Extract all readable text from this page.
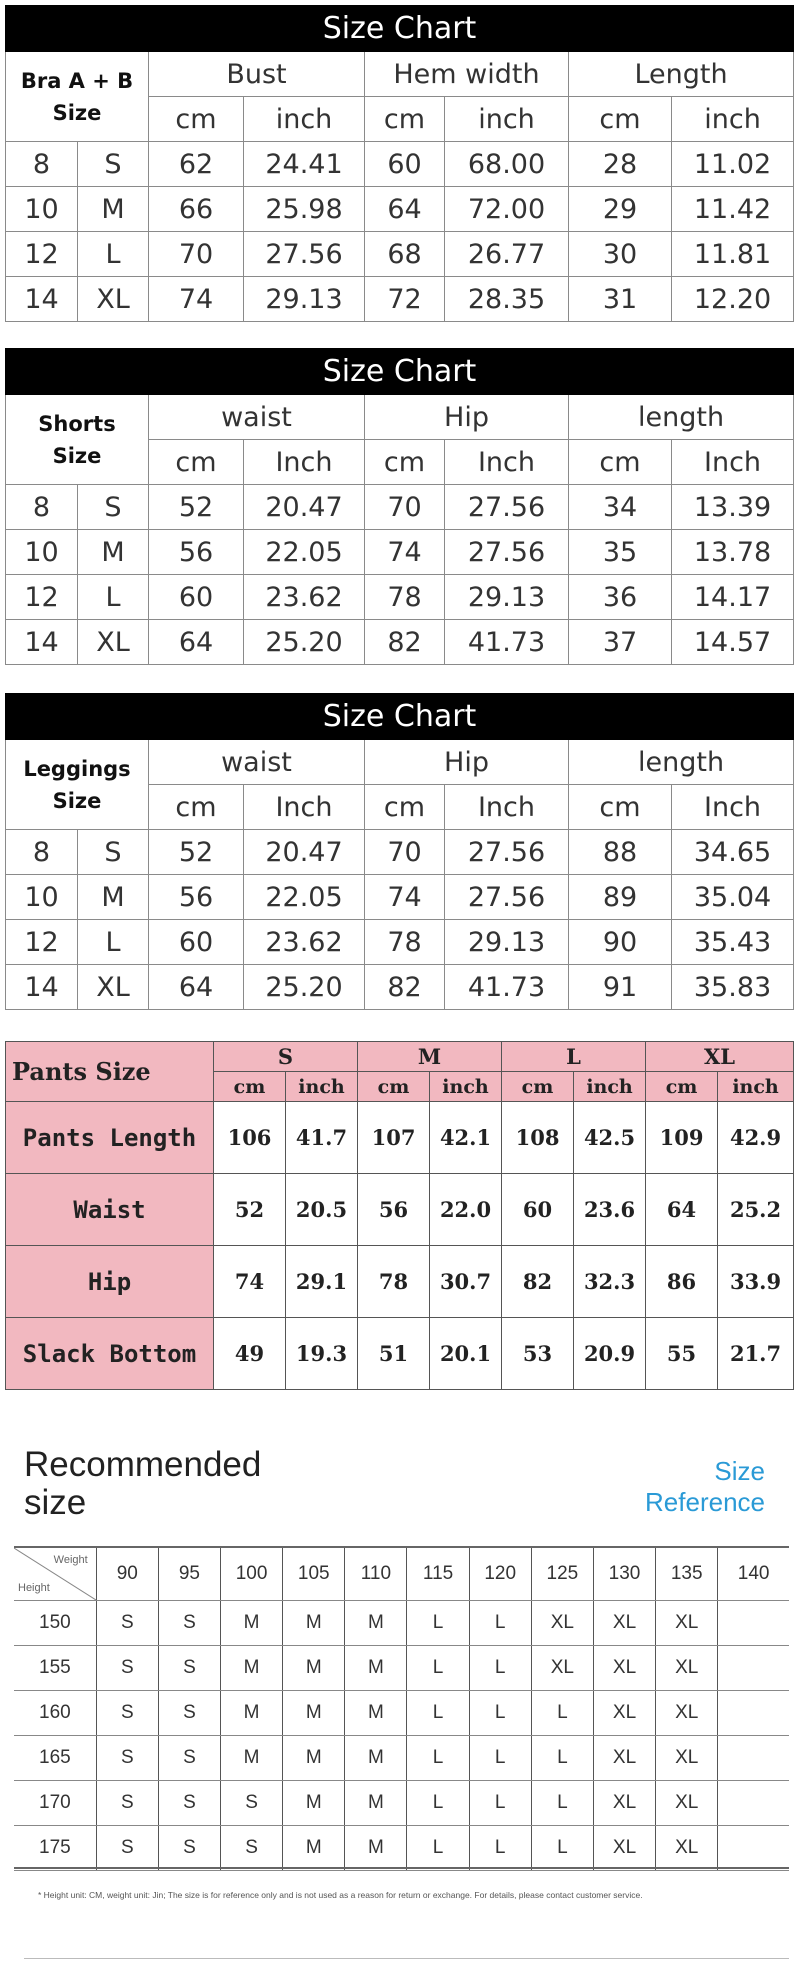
Size Chart							
Bra A + B
Size		Bust		Hem width		Length	
		cm	inch	cm	inch	cm	inch
8	S	62	24.41	60	68.00	28	11.02
10	M	66	25.98	64	72.00	29	11.42
12	L	70	27.56	68	26.77	30	11.81
14	XL	74	29.13	72	28.35	31	12.20
Size Chart							
Shorts
Size		waist		Hip		length	
		cm	Inch	cm	Inch	cm	Inch
8	S	52	20.47	70	27.56	34	13.39
10	M	56	22.05	74	27.56	35	13.78
12	L	60	23.62	78	29.13	36	14.17
14	XL	64	25.20	82	41.73	37	14.57
Size Chart							
Leggings
Size		waist		Hip		length	
		cm	Inch	cm	Inch	cm	Inch
8	S	52	20.47	70	27.56	88	34.65
10	M	56	22.05	74	27.56	89	35.04
12	L	60	23.62	78	29.13	90	35.43
14	XL	64	25.20	82	41.73	91	35.83
Pants Size	S		M		L		XL	
	cm	inch	cm	inch	cm	inch	cm	inch
Pants Length	106	41.7	107	42.1	108	42.5	109	42.9
Waist	52	20.5	56	22.0	60	23.6	64	25.2
Hip	74	29.1	78	30.7	82	32.3	86	33.9
Slack Bottom	49	19.3	51	20.1	53	20.9	55	21.7
Recommended
size
Size
Reference
Weight
Height	90	95	100	105	110	115	120	125	130	135	140
150	S	S	M	M	M	L	L	XL	XL	XL	
155	S	S	M	M	M	L	L	XL	XL	XL	
160	S	S	M	M	M	L	L	L	XL	XL	
165	S	S	M	M	M	L	L	L	XL	XL	
170	S	S	S	M	M	L	L	L	XL	XL	
175	S	S	S	M	M	L	L	L	XL	XL	
* Height unit: CM, weight unit: Jin; The size is for reference only and is not used as a reason for return or exchange. For details, please contact customer service.
